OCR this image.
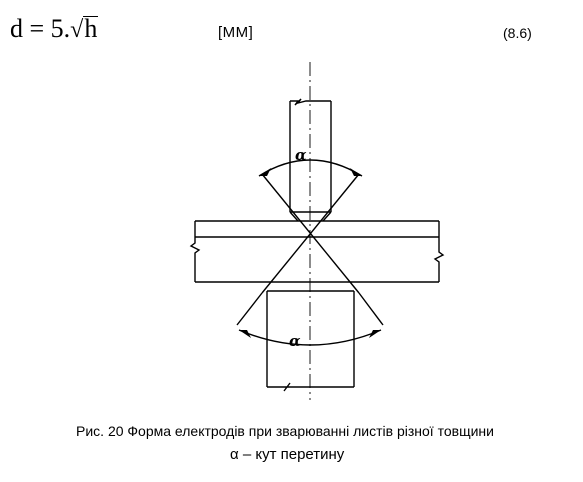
d = 5.√h	[ММ]	(8.6)
α
α
Рис. 20 Форма електродів при зварюванні листів різної товщини
α – кут перетину
